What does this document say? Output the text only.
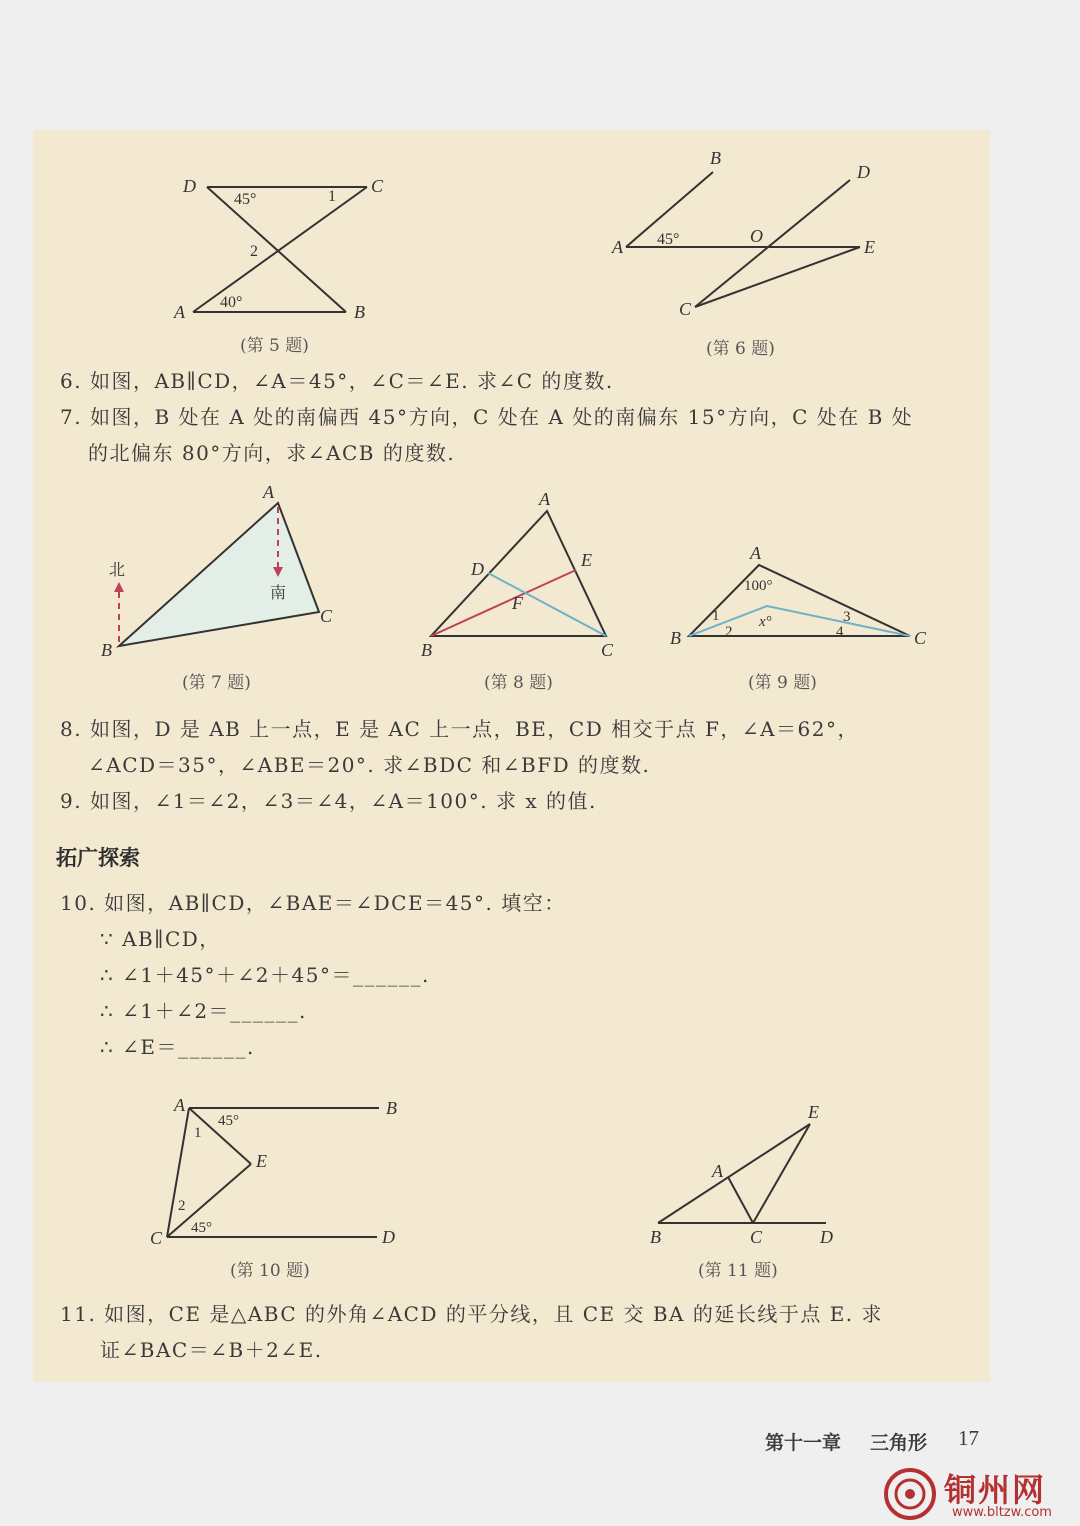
D	C
A	B
45°
40°
1
2
B
D
A
O
E
C
45°
A
B
C
北
南
A
B	C
D	E
F
A
B	C
100°
1
2
3
4
x°
A	B
C	D
E
45°
45°
1
2
A
B	C	D
E
(第 5 题)	(第 6 题)
(第 7 题)	(第 8 题)	(第 9 题)
(第 10 题)	(第 11 题)
6. 如图，AB∥CD，∠A＝45°，∠C＝∠E. 求∠C 的度数.
7. 如图，B 处在 A 处的南偏西 45°方向，C 处在 A 处的南偏东 15°方向，C 处在 B 处
的北偏东 80°方向，求∠ACB 的度数.
8. 如图，D 是 AB 上一点，E 是 AC 上一点，BE，CD 相交于点 F，∠A＝62°，
∠ACD＝35°，∠ABE＝20°. 求∠BDC 和∠BFD 的度数.
9. 如图，∠1＝∠2，∠3＝∠4，∠A＝100°. 求 x 的值.
拓广探索
10. 如图，AB∥CD，∠BAE＝∠DCE＝45°. 填空：
∵ AB∥CD，
∴ ∠1＋45°＋∠2＋45°＝______.
∴ ∠1＋∠2＝______.
∴ ∠E＝______.
11. 如图，CE 是△ABC 的外角∠ACD 的平分线，且 CE 交 BA 的延长线于点 E. 求
证∠BAC＝∠B＋2∠E.
第十一章 三角形 17
铜州网
www.bltzw.com
